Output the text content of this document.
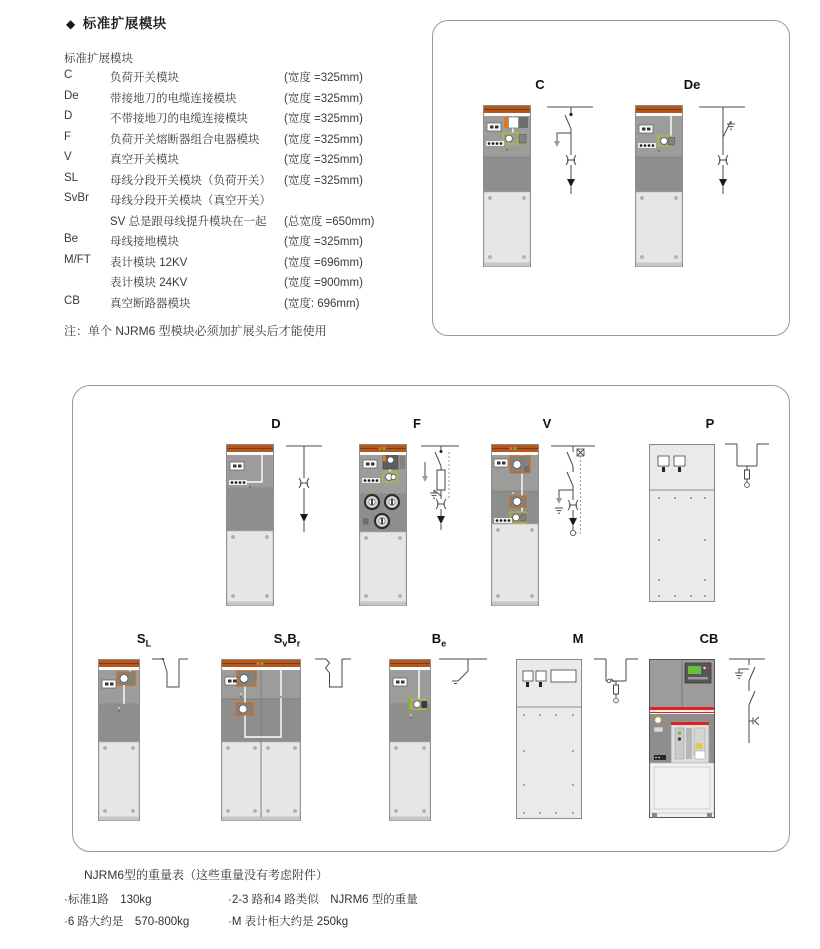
◆ 标准扩展模块
标准扩展模块
C	负荷开关模块	(宽度 =325mm)
De	带接地刀的电缆连接模块	(宽度 =325mm)
D	不带接地刀的电缆连接模块	(宽度 =325mm)
F	负荷开关熔断器组合电器模块 (宽度 =325mm)
V	真空开关模块	(宽度 =325mm)
SL	母线分段开关模块（负荷开关） (宽度 =325mm)
SvBr 母线分段开关模块（真空开关）
SV 总是跟母线提升模块在一起 (总宽度 =650mm)
Be	母线接地模块	(宽度 =325mm)
M/FT 表计模块 12KV	(宽度 =696mm)
表计模块 24KV	(宽度 =900mm)
CB	真空断路器模块	(宽度: 696mm)
注：单个 NJRM6 型模块必须加扩展头后才能使用
C	De
D	F	V	P
$S_L$	$S_vB_r$	$B_e$	M	CB
NJRM6型的重量表（这些重量没有考虑附件）
·标准1路　130kg	·2-3 路和4 路类似　NJRM6 型的重量
·6 路大约是　570-800kg	·M 表计柜大约是 250kg
